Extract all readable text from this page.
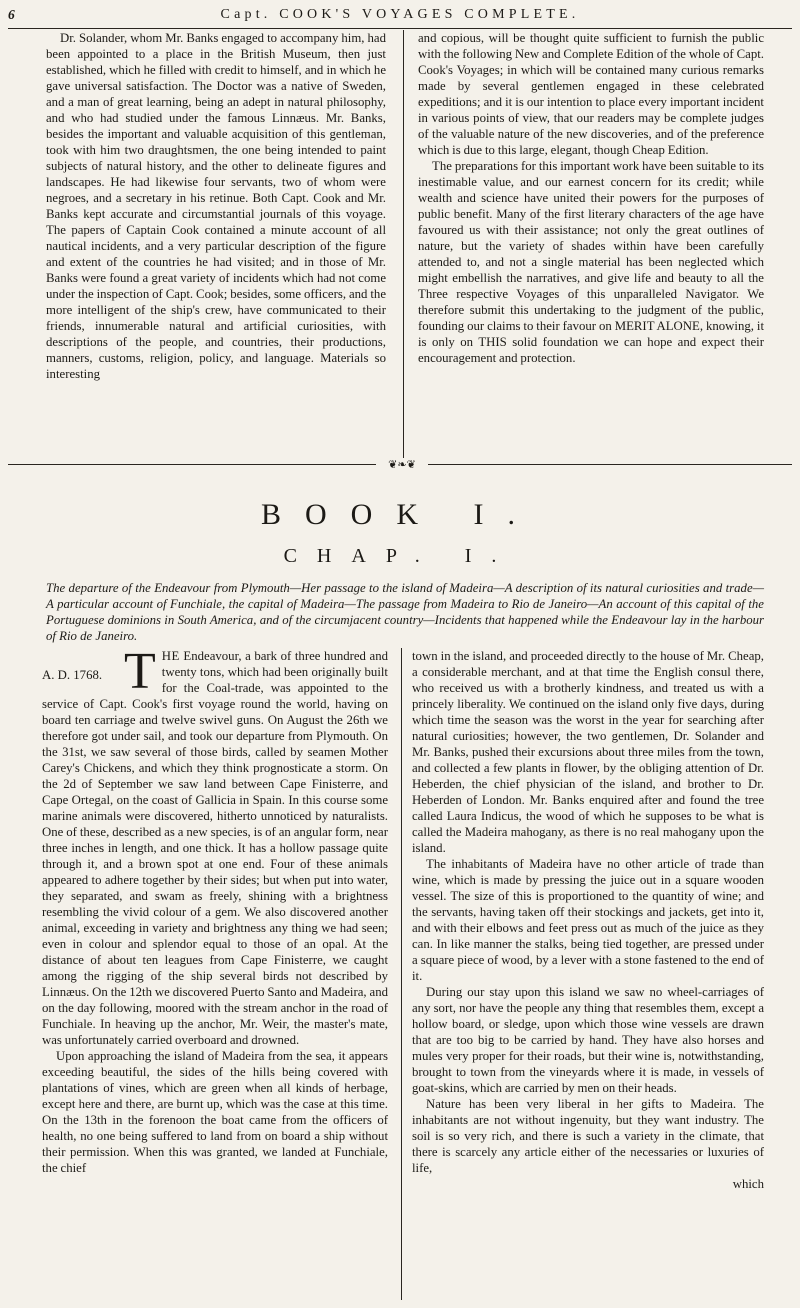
6	Capt. COOK'S VOYAGES COMPLETE.

Dr. Solander, whom Mr. Banks engaged to accompany him, had been appointed to a place in the British Museum, then just established, which he filled with credit to himself, and in which he gave universal satisfaction. The Doctor was a native of Sweden, and a man of great learning, being an adept in natural philosophy, and who had studied under the famous Linnæus. Mr. Banks, besides the important and valuable acquisition of this gentleman, took with him two draughtsmen, the one being intended to paint subjects of natural history, and the other to delineate figures and landscapes. He had likewise four servants, two of whom were negroes, and a secretary in his retinue. Both Capt. Cook and Mr. Banks kept accurate and circumstantial journals of this voyage. The papers of Captain Cook contained a minute account of all nautical incidents, and a very particular description of the figure and extent of the countries he had visited; and in those of Mr. Banks were found a great variety of incidents which had not come under the inspection of Capt. Cook; besides, some officers, and the more intelligent of the ship's crew, have communicated to their friends, innumerable natural and artificial curiosities, with descriptions of the people, and countries, their productions, manners, customs, religion, policy, and language. Materials so interesting

and copious, will be thought quite sufficient to furnish the public with the following New and Complete Edition of the whole of Capt. Cook's Voyages; in which will be contained many curious remarks made by several gentlemen engaged in these celebrated expeditions; and it is our intention to place every important incident in various points of view, that our readers may be complete judges of the valuable nature of the new discoveries, and of the preference which is due to this large, elegant, though Cheap Edition.

The preparations for this important work have been suitable to its inestimable value, and our earnest concern for its credit; while wealth and science have united their powers for the purposes of public benefit. Many of the first literary characters of the age have favoured us with their assistance; not only the great outlines of nature, but the variety of shades within have been carefully attended to, and not a single material has been neglected which might embellish the narratives, and give life and beauty to all the Three respective Voyages of this unparalleled Navigator. We therefore submit this undertaking to the judgment of the public, founding our claims to their favour on MERIT ALONE, knowing, it is only on THIS solid foundation we can hope and expect their encouragement and protection.

❦❧❦
BOOK I.
CHAP. I.
The departure of the Endeavour from Plymouth—Her passage to the island of Madeira—A description of its natural curiosities and trade—A particular account of Funchiale, the capital of Madeira—The passage from Madeira to Rio de Janeiro—An account of this capital of the Portuguese dominions in South America, and of the circumjacent country—Incidents that happened while the Endeavour lay in the harbour of Rio de Janeiro.
A. D. 1768. THE Endeavour, a bark of three hundred and twenty tons, which had been originally built for the Coal-trade, was appointed to the service of Capt. Cook's first voyage round the world, having on board ten carriage and twelve swivel guns. On August the 26th we therefore got under sail, and took our departure from Plymouth. On the 31st, we saw several of those birds, called by seamen Mother Carey's Chickens, and which they think prognosticate a storm. On the 2d of September we saw land between Cape Finisterre, and Cape Ortegal, on the coast of Gallicia in Spain. In this course some marine animals were discovered, hitherto unnoticed by naturalists. One of these, described as a new species, is of an angular form, near three inches in length, and one thick. It has a hollow passage quite through it, and a brown spot at one end. Four of these animals appeared to adhere together by their sides; but when put into water, they separated, and swam as freely, shining with a brightness resembling the vivid colour of a gem. We also discovered another animal, exceeding in variety and brightness any thing we had seen; even in colour and splendor equal to those of an opal. At the distance of about ten leagues from Cape Finisterre, we caught among the rigging of the ship several birds not described by Linnæus. On the 12th we discovered Puerto Santo and Madeira, and on the day following, moored with the stream anchor in the road of Funchiale. In heaving up the anchor, Mr. Weir, the master's mate, was unfortunately carried overboard and drowned.

Upon approaching the island of Madeira from the sea, it appears exceeding beautiful, the sides of the hills being covered with plantations of vines, which are green when all kinds of herbage, except here and there, are burnt up, which was the case at this time. On the 13th in the forenoon the boat came from the officers of health, no one being suffered to land from on board a ship without their permission. When this was granted, we landed at Funchiale, the chief

town in the island, and proceeded directly to the house of Mr. Cheap, a considerable merchant, and at that time the English consul there, who received us with a brotherly kindness, and treated us with a princely liberality. We continued on the island only five days, during which time the season was the worst in the year for searching after natural curiosities; however, the two gentlemen, Dr. Solander and Mr. Banks, pushed their excursions about three miles from the town, and collected a few plants in flower, by the obliging attention of Dr. Heberden, the chief physician of the island, and brother to Dr. Heberden of London. Mr. Banks enquired after and found the tree called Laura Indicus, the wood of which he supposes to be what is called the Madeira mahogany, as there is no real mahogany upon the island.

The inhabitants of Madeira have no other article of trade than wine, which is made by pressing the juice out in a square wooden vessel. The size of this is proportioned to the quantity of wine; and the servants, having taken off their stockings and jackets, get into it, and with their elbows and feet press out as much of the juice as they can. In like manner the stalks, being tied together, are pressed under a square piece of wood, by a lever with a stone fastened to the end of it.

During our stay upon this island we saw no wheel-carriages of any sort, nor have the people any thing that resembles them, except a hollow board, or sledge, upon which those wine vessels are drawn that are too big to be carried by hand. They have also horses and mules very proper for their roads, but their wine is, notwithstanding, brought to town from the vineyards where it is made, in vessels of goat-skins, which are carried by men on their heads.

Nature has been very liberal in her gifts to Madeira. The inhabitants are not without ingenuity, but they want industry. The soil is so very rich, and there is such a variety in the climate, that there is scarcely any article either of the necessaries or luxuries of life,

which
